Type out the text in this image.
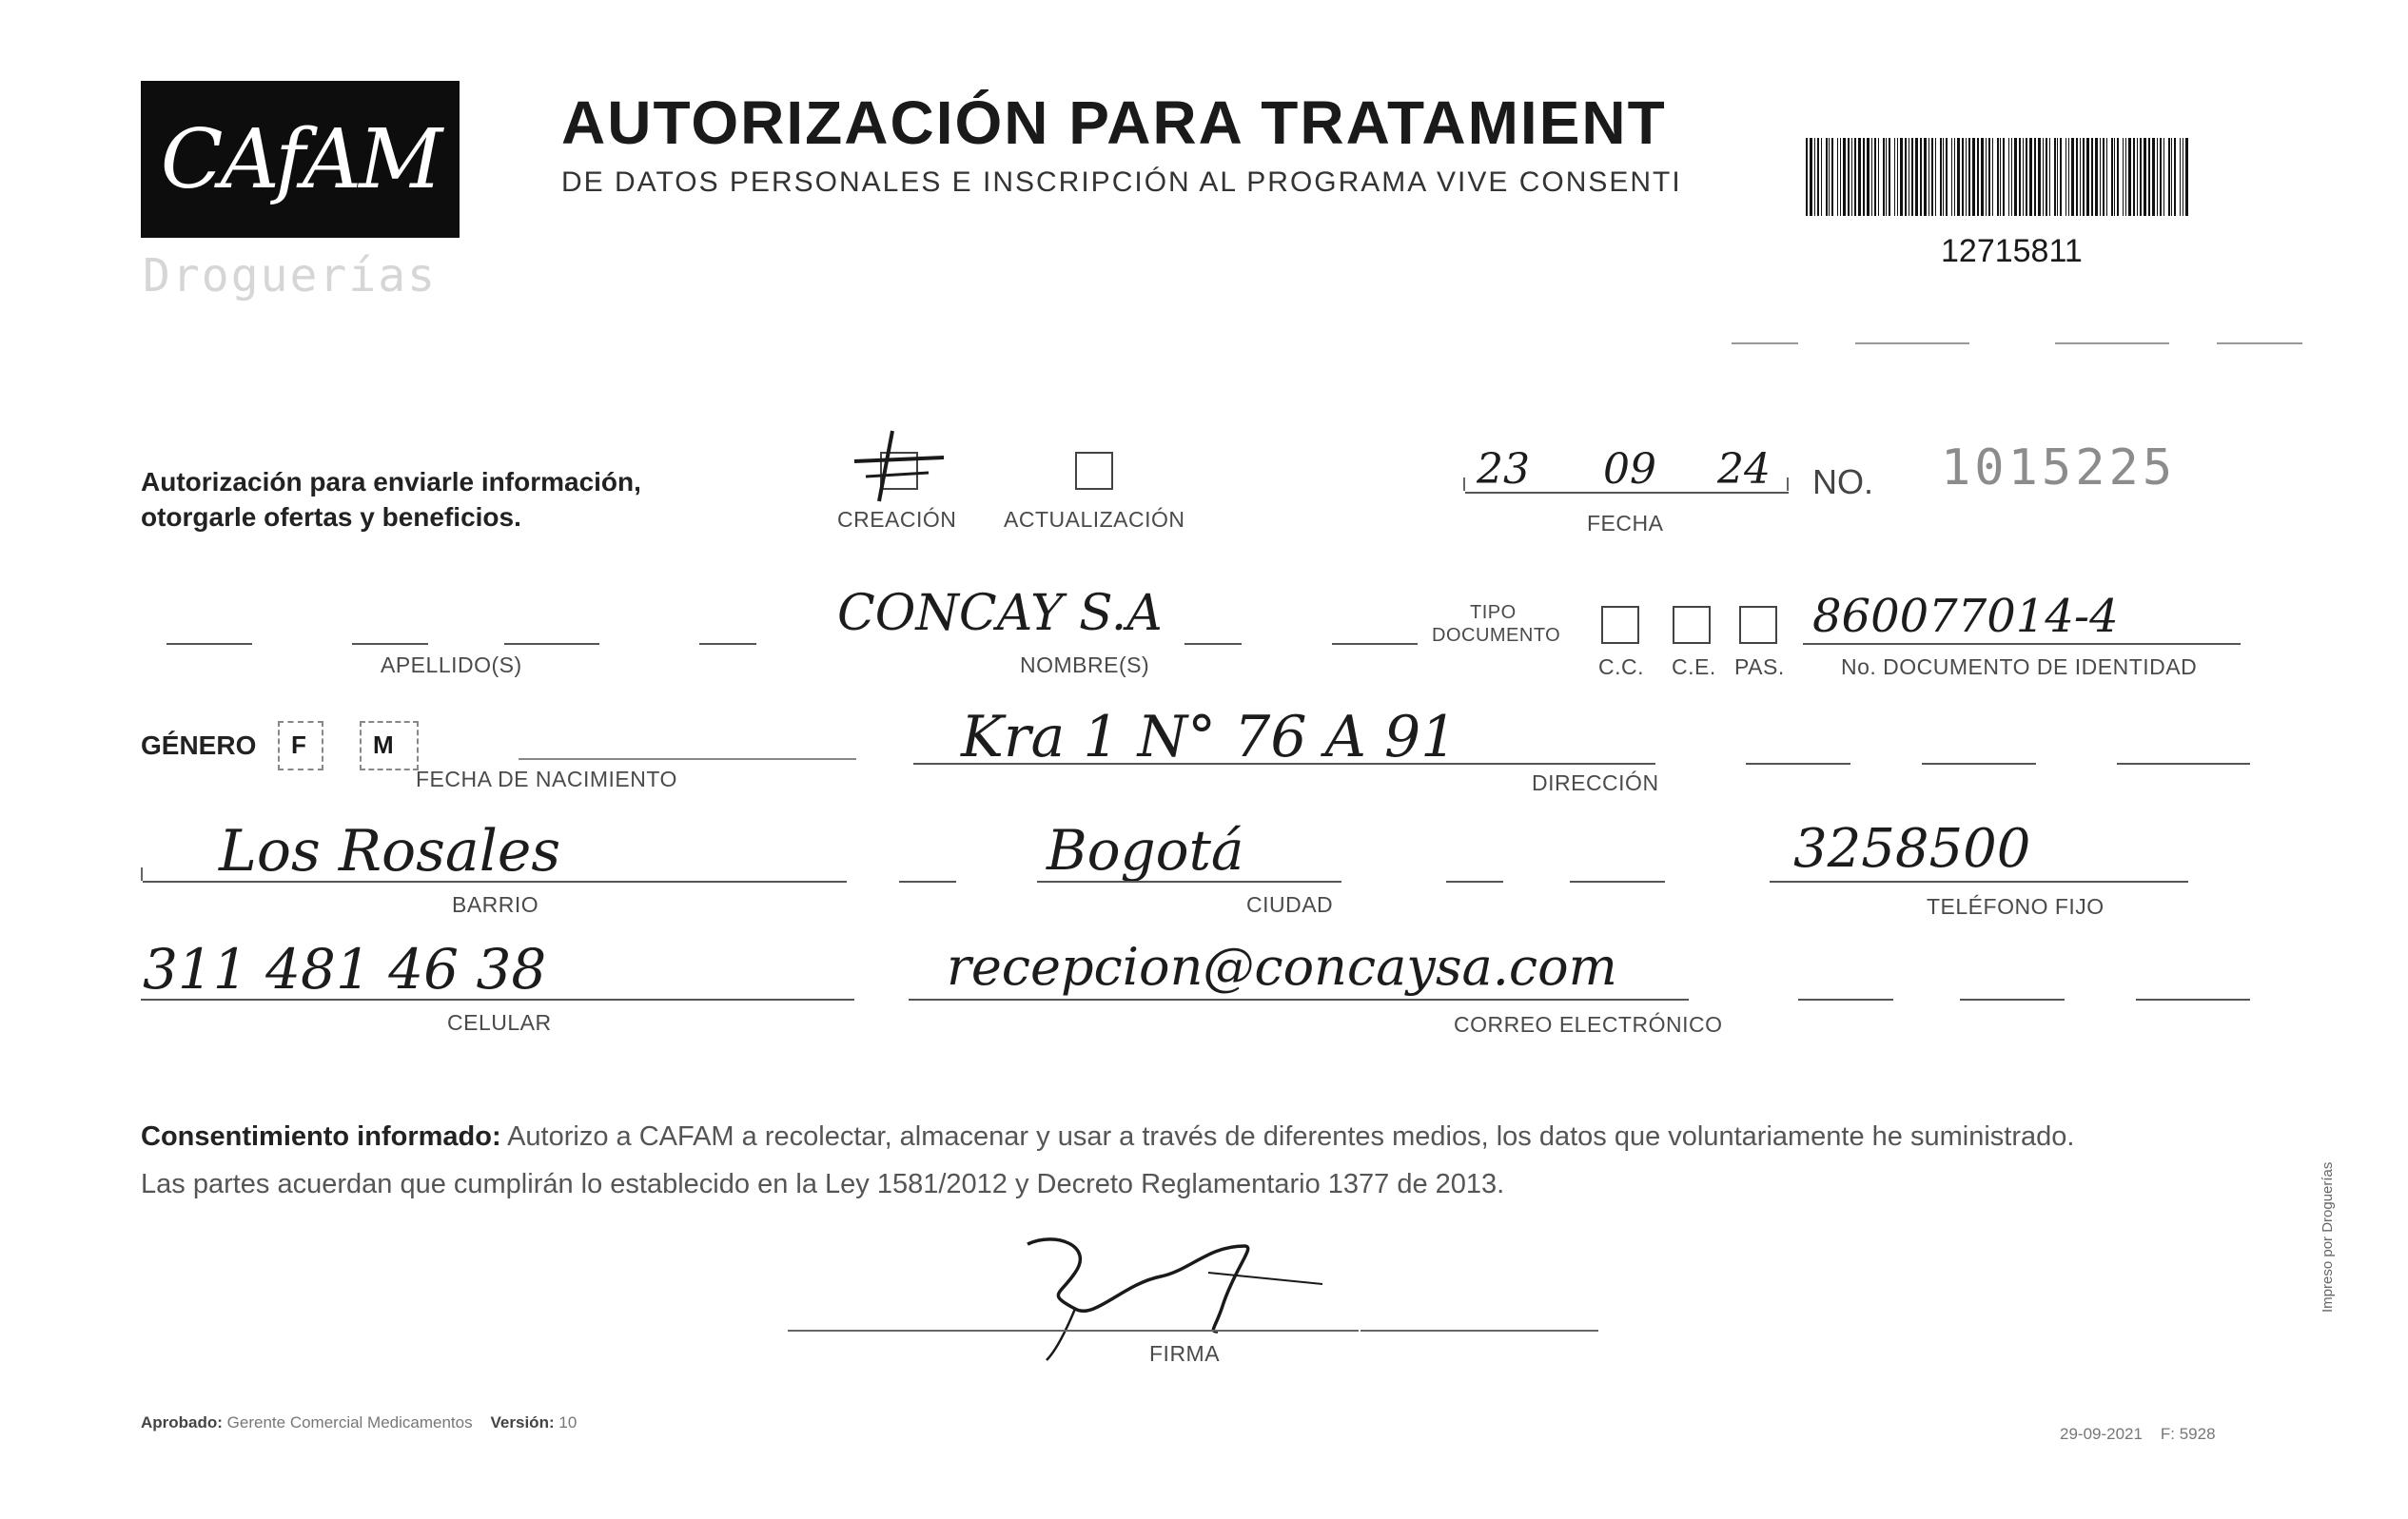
CAfAM
Droguerías
AUTORIZACIÓN PARA TRATAMIENT
DE DATOS PERSONALES E INSCRIPCIÓN AL PROGRAMA VIVE CONSENTI
12715811
Autorización para enviarle información,
otorgarle ofertas y beneficios.	CREACIÓN ACTUALIZACIÓN
23 09 24
FECHA
NO. 1015225
APELLIDO(S)
CONCAY S.A
NOMBRE(S)
TIPO
DOCUMENTO
C.C. C.E. PAS.
860077014-4
No. DOCUMENTO DE IDENTIDAD
GÉNERO F	M
FECHA DE NACIMIENTO
Kra 1 N° 76 A 91
DIRECCIÓN
Los Rosales
BARRIO
Bogotá
CIUDAD
3258500
TELÉFONO FIJO
311 481 46 38
CELULAR
recepcion@concaysa.com
CORREO ELECTRÓNICO
Consentimiento informado: Autorizo a CAFAM a recolectar, almacenar y usar a través de diferentes medios, los datos que voluntariamente he suministrado.
Las partes acuerdan que cumplirán lo establecido en la Ley 1581/2012 y Decreto Reglamentario 1377 de 2013.
FIRMA
Aprobado: Gerente Comercial Medicamentos Versión: 10
29-09-2021 F: 5928
Impreso por Droguerías
